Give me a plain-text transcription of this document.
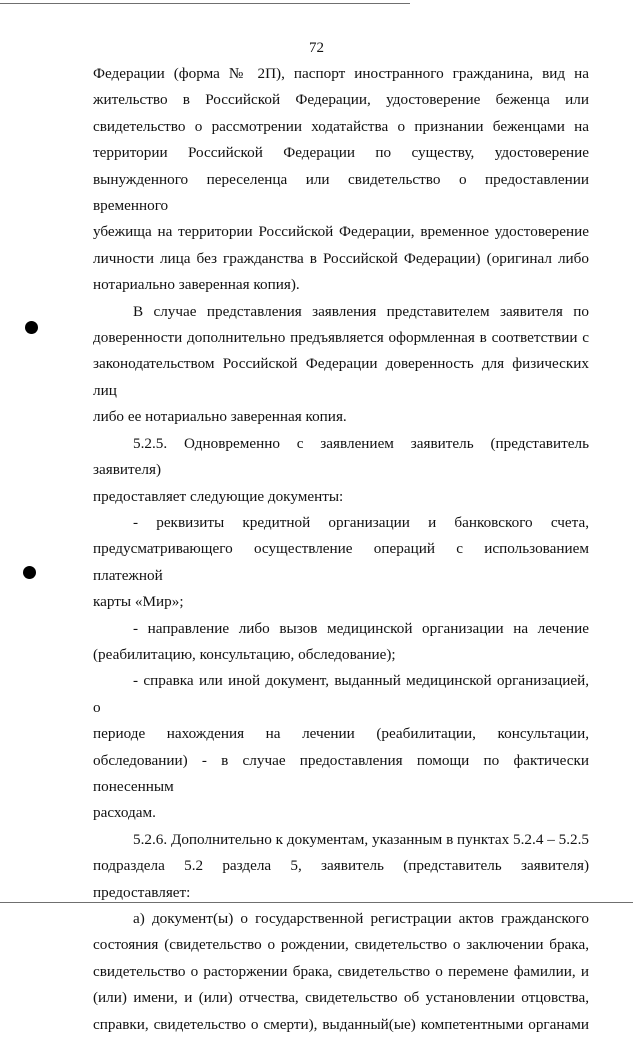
72

Федерации (форма № 2П), паспорт иностранного гражданина, вид на

жительство в Российской Федерации, удостоверение беженца или

свидетельство о рассмотрении ходатайства о признании беженцами на

территории Российской Федерации по существу, удостоверение

вынужденного переселенца или свидетельство о предоставлении временного

убежища на территории Российской Федерации, временное удостоверение

личности лица без гражданства в Российской Федерации) (оригинал либо

нотариально заверенная копия).

В случае представления заявления представителем заявителя по

доверенности дополнительно предъявляется оформленная в соответствии с

законодательством Российской Федерации доверенность для физических лиц

либо ее нотариально заверенная копия.

5.2.5. Одновременно с заявлением заявитель (представитель заявителя)

предоставляет следующие документы:

- реквизиты кредитной организации и банковского счета,

предусматривающего осуществление операций с использованием платежной

карты «Мир»;

- направление либо вызов медицинской организации на лечение

(реабилитацию, консультацию, обследование);

- справка или иной документ, выданный медицинской организацией, о

периоде нахождения на лечении (реабилитации, консультации,

обследовании) - в случае предоставления помощи по фактически понесенным

расходам.

5.2.6. Дополнительно к документам, указанным в пунктах 5.2.4 – 5.2.5

подраздела 5.2 раздела 5, заявитель (представитель заявителя) предоставляет:

а) документ(ы) о государственной регистрации актов гражданского

состояния (свидетельство о рождении, свидетельство о заключении брака,

свидетельство о расторжении брака, свидетельство о перемене фамилии, и

(или) имени, и (или) отчества, свидетельство об установлении отцовства,

справки, свидетельство о смерти), выданный(ые) компетентными органами
